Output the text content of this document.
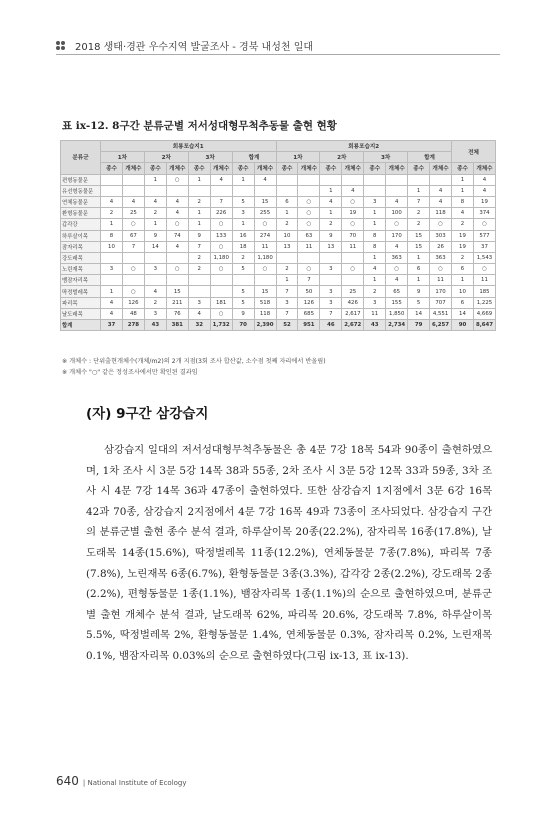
2018 생태·경관 우수지역 발굴조사 - 경북 내성천 일대
표 ix-12. 8구간 분류군별 저서성대형무척추동물 출현 현황
분류군	회룡포습지1								회룡포습지2								전체	
	1차		2차		3차		합계		1차		2차		3차		합계			
	종수	개체수	종수	개체수	종수	개체수	종수	개체수	종수	개체수	종수	개체수	종수	개체수	종수	개체수	종수	개체수
편형동물문			1	○	1	4	1	4									1	4
유선형동물문											1	4			1	4	1	4
연체동물문	4	4	4	4	2	7	5	15	6	○	4	○	3	4	7	4	8	19
환형동물문	2	25	2	4	1	226	3	255	1	○	1	19	1	100	2	118	4	374
갑각강	1	○	1	○	1	○	1	○	2	○	2	○	1	○	2	○	2	○
하루살이목	8	67	9	74	9	133	16	274	10	63	9	70	8	170	15	303	19	577
잠자리목	10	7	14	4	7	○	18	11	13	11	13	11	8	4	15	26	19	37
강도래목					2	1,180	2	1,180					1	363	1	363	2	1,543
노린재목	3	○	3	○	2	○	5	○	2	○	3	○	4	○	6	○	6	○
뱀잠자리목									1	7			1	4	1	11	1	11
딱정벌레목	1	○	4	15			5	15	7	50	3	25	2	65	9	170	10	185
파리목	4	126	2	211	3	181	5	518	3	126	3	426	3	155	5	707	6	1,225
날도래목	4	48	3	76	4	○	9	118	7	685	7	2,617	11	1,850	14	4,551	14	4,669
합계	37	278	43	381	32	1,732	70	2,390	52	951	46	2,672	43	2,734	79	6,257	90	8,647
※ 개체수 : 단위출현개체수(개체/m2)의 2개 지점(3회 조사 합산값, 소수점 첫째 자리에서 반올림)
※ 개체수 "○" 같은 정성조사에서만 확인된 결과임
(자) 9구간 삼강습지
삼강습지 일대의 저서성대형무척추동물은 총 4문 7강 18목 54과 90종이 출현하였으며, 1차 조사 시 3문 5강 14목 38과 55종, 2차 조사 시 3문 5강 12목 33과 59종, 3차 조사 시 4문 7강 14목 36과 47종이 출현하였다. 또한 삼강습지 1지점에서 3문 6강 16목 42과 70종, 삼강습지 2지점에서 4문 7강 16목 49과 73종이 조사되었다. 삼강습지 구간의 분류군별 출현 종수 분석 결과, 하루살이목 20종(22.2%), 잠자리목 16종(17.8%), 날도래목 14종(15.6%), 딱정벌레목 11종(12.2%), 연체동물문 7종(7.8%), 파리목 7종(7.8%), 노린재목 6종(6.7%), 환형동물문 3종(3.3%), 갑각강 2종(2.2%), 강도래목 2종(2.2%), 편형동물문 1종(1.1%), 뱀잠자리목 1종(1.1%)의 순으로 출현하였으며, 분류군별 출현 개체수 분석 결과, 날도래목 62%, 파리목 20.6%, 강도래목 7.8%, 하루살이목 5.5%, 딱정벌레목 2%, 환형동물문 1.4%, 연체동물문 0.3%, 잠자리목 0.2%, 노린재목 0.1%, 뱀잠자리목 0.03%의 순으로 출현하였다(그림 ix-13, 표 ix-13).
640 | National Institute of Ecology
